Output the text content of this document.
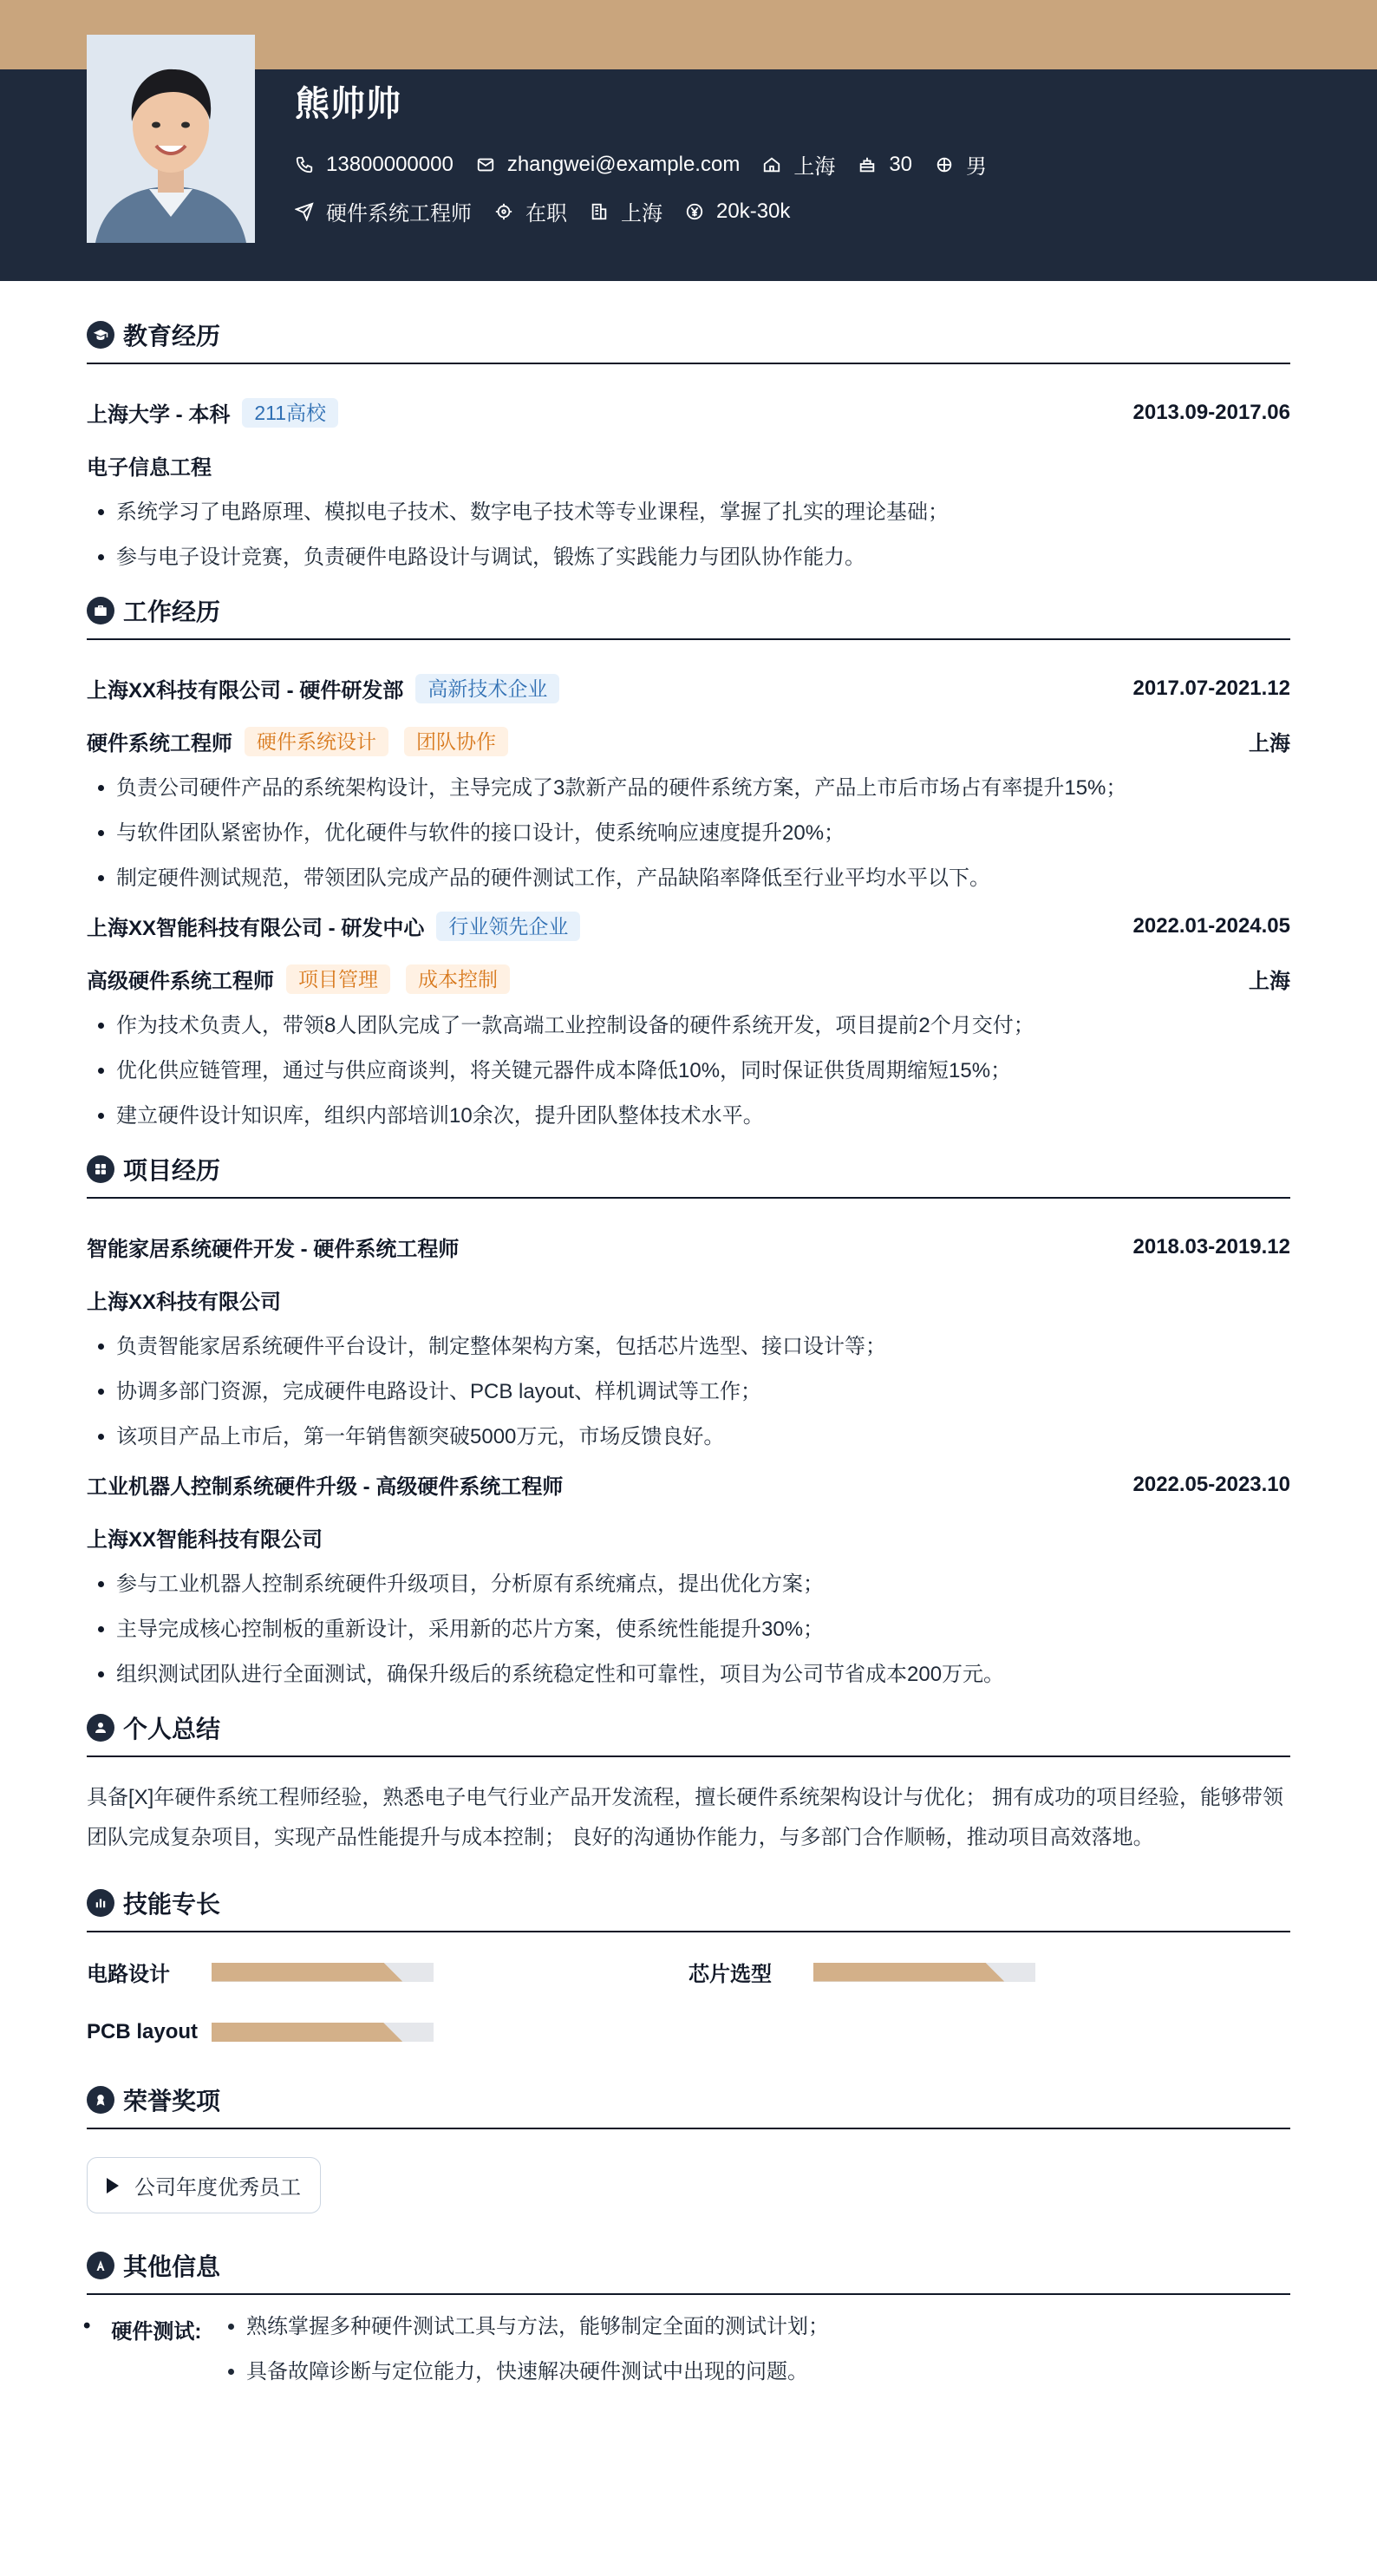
熊帅帅
13800000000	zhangwei@example.com	上海	30	男
硬件系统工程师	在职	上海	20k-30k
教育经历
上海大学 - 本科	211高校	2013.09-2017.06
电子信息工程
• 系统学习了电路原理、模拟电子技术、数字电子技术等专业课程，掌握了扎实的理论基础；
• 参与电子设计竞赛，负责硬件电路设计与调试，锻炼了实践能力与团队协作能力。
工作经历
上海XX科技有限公司 - 硬件研发部	高新技术企业	2017.07-2021.12
硬件系统工程师	硬件系统设计	团队协作	上海
• 负责公司硬件产品的系统架构设计，主导完成了3款新产品的硬件系统方案，产品上市后市场占有率提升15%；
• 与软件团队紧密协作，优化硬件与软件的接口设计，使系统响应速度提升20%；
• 制定硬件测试规范，带领团队完成产品的硬件测试工作，产品缺陷率降低至行业平均水平以下。
上海XX智能科技有限公司 - 研发中心	行业领先企业	2022.01-2024.05
高级硬件系统工程师	项目管理	成本控制	上海
• 作为技术负责人，带领8人团队完成了一款高端工业控制设备的硬件系统开发，项目提前2个月交付；
• 优化供应链管理，通过与供应商谈判，将关键元器件成本降低10%，同时保证供货周期缩短15%；
• 建立硬件设计知识库，组织内部培训10余次，提升团队整体技术水平。
项目经历
智能家居系统硬件开发 - 硬件系统工程师	2018.03-2019.12
上海XX科技有限公司
• 负责智能家居系统硬件平台设计，制定整体架构方案，包括芯片选型、接口设计等；
• 协调多部门资源，完成硬件电路设计、PCB layout、样机调试等工作；
• 该项目产品上市后，第一年销售额突破5000万元，市场反馈良好。
工业机器人控制系统硬件升级 - 高级硬件系统工程师	2022.05-2023.10
上海XX智能科技有限公司
• 参与工业机器人控制系统硬件升级项目，分析原有系统痛点，提出优化方案；
• 主导完成核心控制板的重新设计，采用新的芯片方案，使系统性能提升30%；
• 组织测试团队进行全面测试，确保升级后的系统稳定性和可靠性，项目为公司节省成本200万元。
个人总结
具备[X]年硬件系统工程师经验，熟悉电子电气行业产品开发流程，擅长硬件系统架构设计与优化； 拥有成功的项目经验，能够带领团队完成复杂项目，实现产品性能提升与成本控制； 良好的沟通协作能力，与多部门合作顺畅，推动项目高效落地。
技能专长
电路设计	芯片选型
PCB layout
荣誉奖项
公司年度优秀员工
其他信息
• 硬件测试:
• 熟练掌握多种硬件测试工具与方法，能够制定全面的测试计划；
• 具备故障诊断与定位能力，快速解决硬件测试中出现的问题。
